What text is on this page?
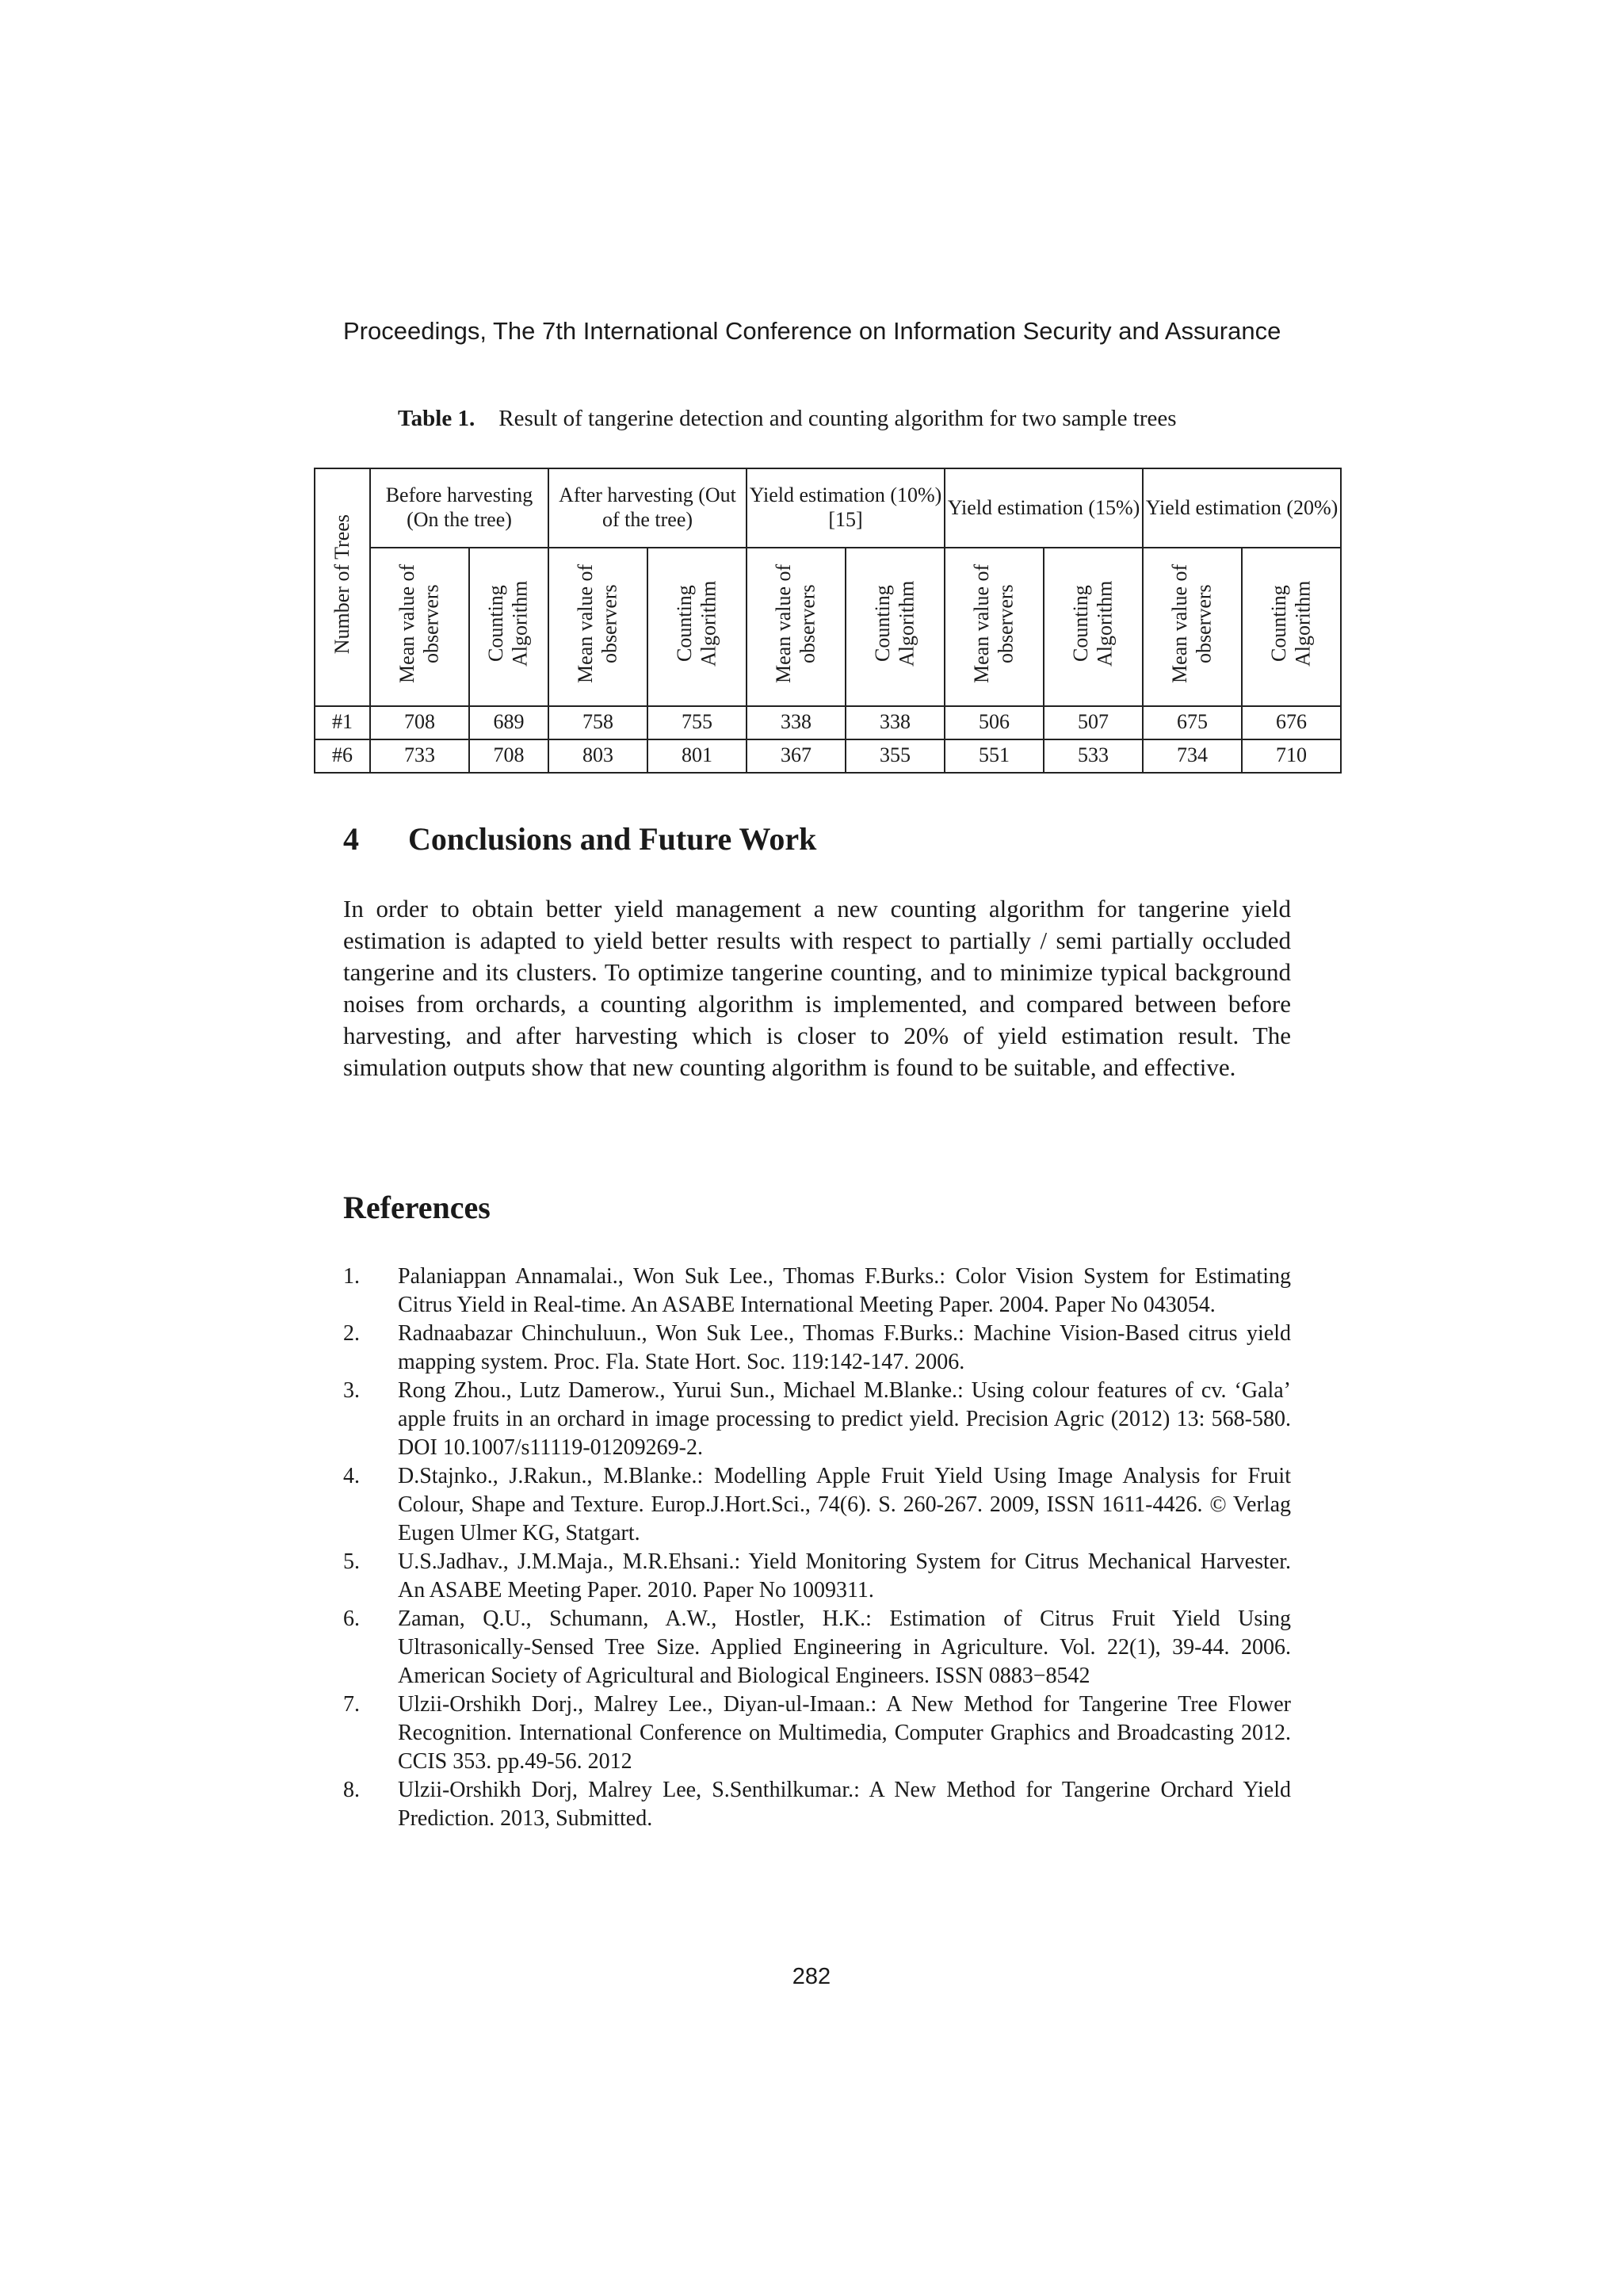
Proceedings, The 7th International Conference on Information Security and Assurance
Table 1. Result of tangerine detection and counting algorithm for two sample trees
Number of Trees	Before harvesting (On the tree)		After harvesting (Out of the tree)		Yield estimation (10%) [15]		Yield estimation (15%)		Yield estimation (20%)	
	Mean value of observers	Counting Algorithm	Mean value of observers	Counting Algorithm	Mean value of observers	Counting Algorithm	Mean value of observers	Counting Algorithm	Mean value of observers	Counting Algorithm
#1	708	689	758	755	338	338	506	507	675	676
#6	733	708	803	801	367	355	551	533	734	710
4 Conclusions and Future Work

In order to obtain better yield management a new counting algorithm for tangerine yield estimation is adapted to yield better results with respect to partially / semi partially occluded tangerine and its clusters. To optimize tangerine counting, and to minimize typical background noises from orchards, a counting algorithm is implemented, and compared between before harvesting, and after harvesting which is closer to 20% of yield estimation result. The simulation outputs show that new counting algorithm is found to be suitable, and effective.

References
1. Palaniappan Annamalai., Won Suk Lee., Thomas F.Burks.: Color Vision System for Estimating Citrus Yield in Real-time. An ASABE International Meeting Paper. 2004. Paper No 043054.
2. Radnaabazar Chinchuluun., Won Suk Lee., Thomas F.Burks.: Machine Vision-Based citrus yield mapping system. Proc. Fla. State Hort. Soc. 119:142-147. 2006.
3. Rong Zhou., Lutz Damerow., Yurui Sun., Michael M.Blanke.: Using colour features of cv. ‘Gala’ apple fruits in an orchard in image processing to predict yield. Precision Agric (2012) 13: 568-580. DOI 10.1007/s11119-01209269-2.
4. D.Stajnko., J.Rakun., M.Blanke.: Modelling Apple Fruit Yield Using Image Analysis for Fruit Colour, Shape and Texture. Europ.J.Hort.Sci., 74(6). S. 260-267. 2009, ISSN 1611-4426. © Verlag Eugen Ulmer KG, Statgart.
5. U.S.Jadhav., J.M.Maja., M.R.Ehsani.: Yield Monitoring System for Citrus Mechanical Harvester. An ASABE Meeting Paper. 2010. Paper No 1009311.
6. Zaman, Q.U., Schumann, A.W., Hostler, H.K.: Estimation of Citrus Fruit Yield Using Ultrasonically-Sensed Tree Size. Applied Engineering in Agriculture. Vol. 22(1), 39-44. 2006. American Society of Agricultural and Biological Engineers. ISSN 0883−8542
7. Ulzii-Orshikh Dorj., Malrey Lee., Diyan-ul-Imaan.: A New Method for Tangerine Tree Flower Recognition. International Conference on Multimedia, Computer Graphics and Broadcasting 2012. CCIS 353. pp.49-56. 2012
8. Ulzii-Orshikh Dorj, Malrey Lee, S.Senthilkumar.: A New Method for Tangerine Orchard Yield Prediction. 2013, Submitted.
282
